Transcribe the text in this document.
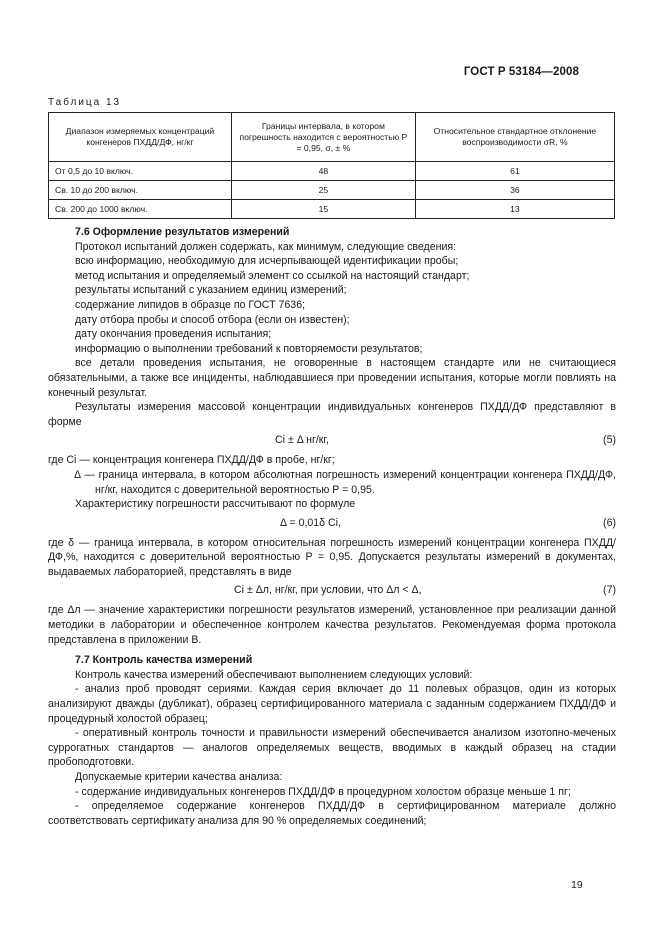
ГОСТ Р 53184—2008
Таблица 13
Диапазон измеряемых концентраций конгенеров ПХДД/ДФ, нг/кг	Границы интервала, в котором погрешность находится с вероятностью P = 0,95, σ, ± %	Относительное стандартное отклонение воспроизводимости σR, %
От 0,5 до 10 включ.	48	61
Св. 10 до 200 включ.	25	36
Св. 200 до 1000 включ.	15	13

7.6 Оформление результатов измерений

Протокол испытаний должен содержать, как минимум, следующие сведения:

всю информацию, необходимую для исчерпывающей идентификации пробы;

метод испытания и определяемый элемент со ссылкой на настоящий стандарт;

результаты испытаний с указанием единиц измерений;

содержание липидов в образце по ГОСТ 7636;

дату отбора пробы и способ отбора (если он известен);

дату окончания проведения испытания;

информацию о выполнении требований к повторяемости результатов;

все детали проведения испытания, не оговоренные в настоящем стандарте или не считающиеся обязательными, а также все инциденты, наблюдавшиеся при проведении испытания, которые могли повлиять на конечный результат.

Результаты измерения массовой концентрации индивидуальных конгенеров ПХДД/ДФ представляют в форме

Ci ± Δ нг/кг,	(5)

где Ci — концентрация конгенера ПХДД/ДФ в пробе, нг/кг;

Δ — граница интервала, в котором абсолютная погрешность измерений концентрации конгенера ПХДД/ДФ, нг/кг, находится с доверительной вероятностью P = 0,95.

Характеристику погрешности рассчитывают по формуле

Δ = 0,01δ Ci,	(6)

где δ — граница интервала, в котором относительная погрешность измерений концентрации конгенера ПХДД/ДФ,%, находится с доверительной вероятностью P = 0,95. Допускается результаты измерений в документах, выдаваемых лабораторией, представлять в виде

Ci ± Δл, нг/кг, при условии, что Δл < Δ,	(7)

где Δл — значение характеристики погрешности результатов измерений, установленное при реализации данной методики в лаборатории и обеспеченное контролем качества результатов. Рекомендуемая форма протокола представлена в приложении В.

7.7 Контроль качества измерений

Контроль качества измерений обеспечивают выполнением следующих условий:

- анализ проб проводят сериями. Каждая серия включает до 11 полевых образцов, один из которых анализируют дважды (дубликат), образец сертифицированного материала с заданным содержанием ПХДД/ДФ и процедурный холостой образец;

- оперативный контроль точности и правильности измерений обеспечивается анализом изотопно-меченых суррогатных стандартов — аналогов определяемых веществ, вводимых в каждый образец на стадии пробоподготовки.

Допускаемые критерии качества анализа:

- содержание индивидуальных конгенеров ПХДД/ДФ в процедурном холостом образце меньше 1 пг;

- определяемое содержание конгенеров ПХДД/ДФ в сертифицированном материале должно соответствовать сертификату анализа для 90 % определяемых соединений;

19
